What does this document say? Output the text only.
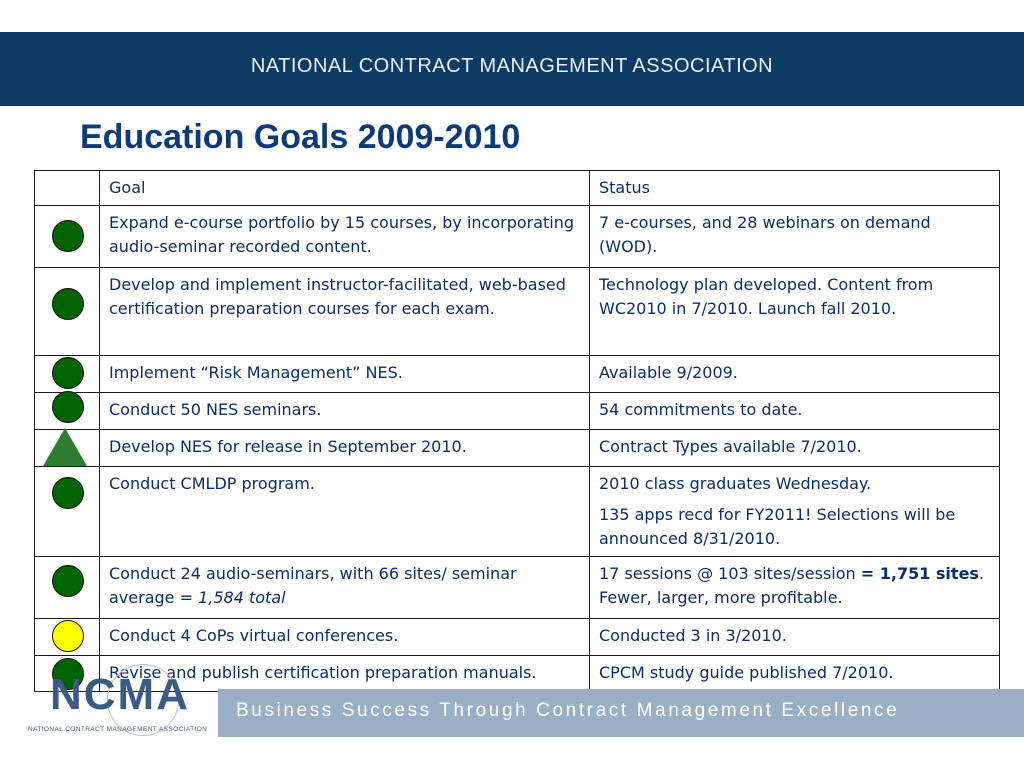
NATIONAL CONTRACT MANAGEMENT ASSOCIATION
Education Goals 2009-2010
	Goal	Status

	Expand e-course portfolio by 15 courses, by incorporating audio-seminar recorded content.	7 e-courses, and 28 webinars on demand (WOD).

	Develop and implement instructor-facilitated, web-based certification preparation courses for each exam.	Technology plan developed. Content from WC2010 in 7/2010. Launch fall 2010.

	Implement “Risk Management” NES.	Available 9/2009.

	Conduct 50 NES seminars.	54 commitments to date.

	Develop NES for release in September 2010.	Contract Types available 7/2010.

	Conduct CMLDP program.	2010 class graduates Wednesday.
135 apps recd for FY2011! Selections will be announced 8/31/2010.

	Conduct 24 audio-seminars, with 66 sites/ seminar average = 1,584 total	17 sessions @ 103 sites/session = 1,751 sites. Fewer, larger, more profitable.

	Conduct 4 CoPs virtual conferences.	Conducted 3 in 3/2010.

	Revise and publish certification preparation manuals.	CPCM study guide published 7/2010.
NCMA
NATIONAL CONTRACT MANAGEMENT ASSOCIATION
Business Success Through Contract Management Excellence
